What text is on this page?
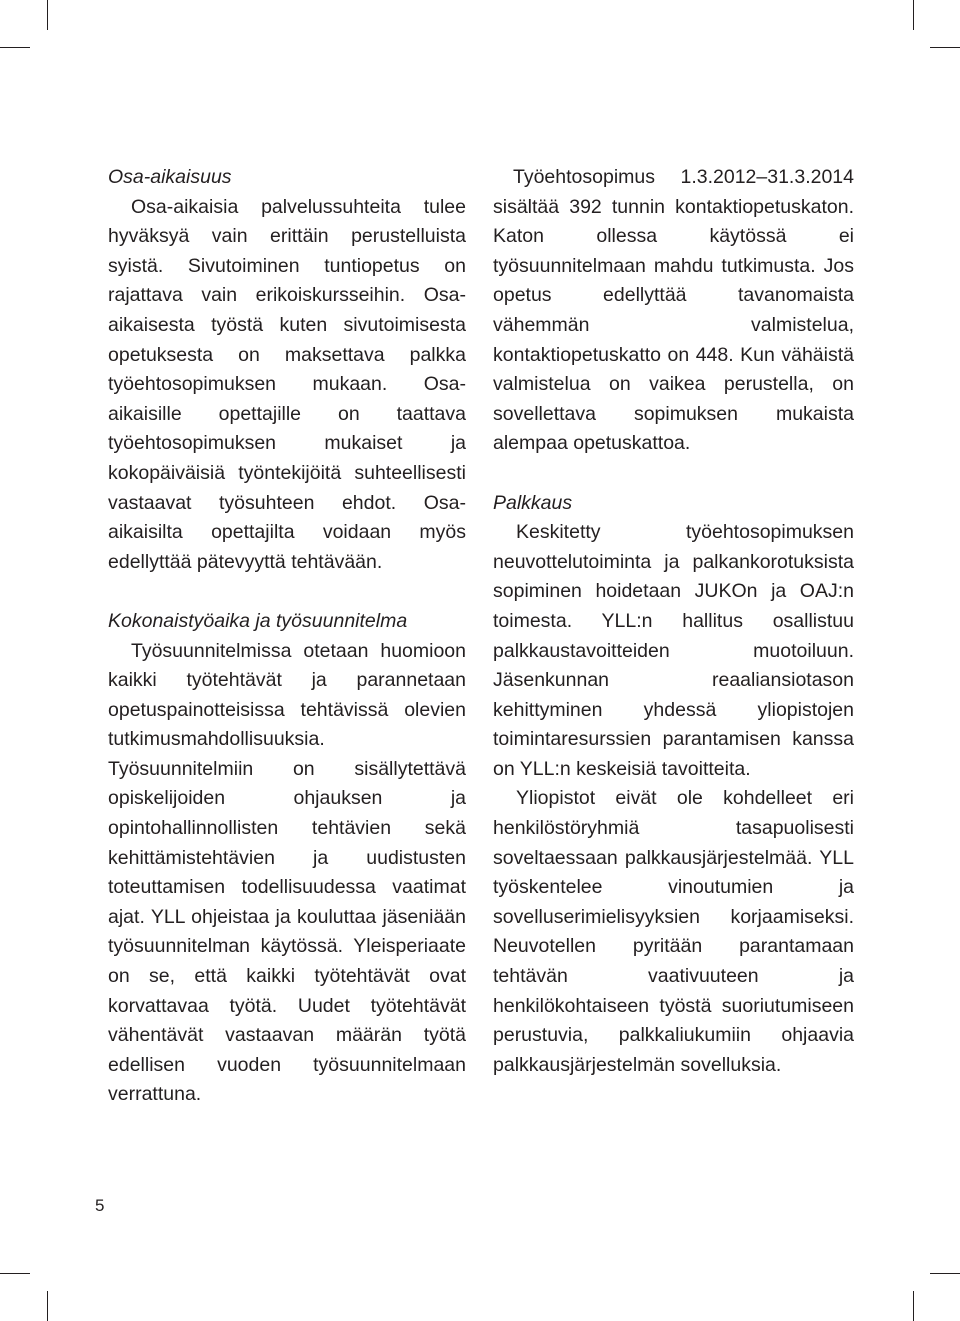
Osa-aikaisuus

Osa-aikaisia palvelussuhteita tulee hyväksyä vain erittäin perustelluista syistä. Sivutoiminen tuntiopetus on rajattava vain erikoiskursseihin. Osa-aikaisesta työstä kuten sivutoimisesta opetuksesta on maksettava palkka työehtosopimuksen mukaan. Osa-aikaisille opettajille on taattava työehtosopimuksen mukaiset ja kokopäiväisiä työntekijöitä suhteellisesti vastaavat työsuhteen ehdot. Osa-aikaisilta opettajilta voidaan myös edellyttää pätevyyttä tehtävään.

Kokonaistyöaika ja työsuunnitelma

Työsuunnitelmissa otetaan huomioon kaikki työtehtävät ja parannetaan opetuspainotteisissa tehtävissä olevien tutkimusmahdollisuuksia. Työsuunnitelmiin on sisällytettävä opiskelijoiden ohjauksen ja opintohallinnollisten tehtävien sekä kehittämistehtävien ja uudistusten toteuttamisen todellisuudessa vaatimat ajat. YLL ohjeistaa ja kouluttaa jäseniään työsuunnitelman käytössä. Yleisperiaate on se, että kaikki työtehtävät ovat korvattavaa työtä. Uudet työtehtävät vähentävät vastaavan määrän työtä edellisen vuoden työsuunnitelmaan verrattuna.

Työehtosopimus 1.3.2012–31.3.2014 sisältää 392 tunnin kontaktiopetuskaton. Katon ollessa käytössä ei työsuunnitelmaan mahdu tutkimusta. Jos opetus edellyttää tavanomaista vähemmän valmistelua, kontaktiopetuskatto on 448. Kun vähäistä valmistelua on vaikea perustella, on sovellettava sopimuksen mukaista alempaa opetuskattoa.

Palkkaus

Keskitetty työehtosopimuksen neuvottelutoiminta ja palkankorotuksista sopiminen hoidetaan JUKOn ja OAJ:n toimesta. YLL:n hallitus osallistuu palkkaustavoitteiden muotoiluun. Jäsenkunnan reaaliansiotason kehittyminen yhdessä yliopistojen toimintaresurssien parantamisen kanssa on YLL:n keskeisiä tavoitteita.

Yliopistot eivät ole kohdelleet eri henkilöstöryhmiä tasapuolisesti soveltaessaan palkkausjärjestelmää. YLL työskentelee vinoutumien ja sovelluserimielisyyksien korjaamiseksi. Neuvotellen pyritään parantamaan tehtävän vaativuuteen ja henkilökohtaiseen työstä suoriutumiseen perustuvia, palkkaliukumiin ohjaavia palkkausjärjestelmän sovelluksia.

5
